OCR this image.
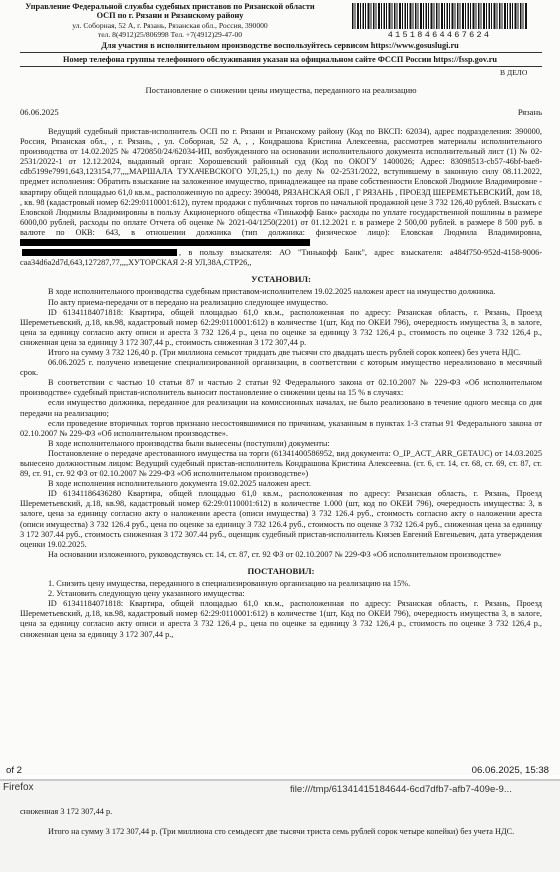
Управление Федеральной службы судебных приставов по Рязанской области
ОСП по г. Рязани и Рязанскому району
ул. Соборная, 52 А, г. Рязань, Рязанская обл., Россия, 390000
тел. 8(4912)25/806998 Тел. +7(4912)29-47-00	41518464467624
Для участия в исполнительном производстве воспользуйтесь сервисом https://www.gosuslugi.ru
Номер телефона группы телефонного обслуживания указан на официальном сайте ФССП России https://fssp.gov.ru
В ДЕЛО
Постановление о снижении цены имущества, переданного на реализацию
06.06.2025	Рязань

Ведущий судебный пристав-исполнитель ОСП по г. Рязани и Рязанскому району (Код по ВКСП: 62034), адрес подразделения: 390000, Россия, Рязанская обл., , г. Рязань, , ул. Соборная, 52 А, , , Кондрашова Кристина Алексеевна, рассмотрев материалы исполнительного производства от 14.02.2025 № 4720850/24/62034-ИП, возбужденного на основании исполнительного документа исполнительный лист (1) № 02-2531/2022-1 от 12.12.2024, выданный орган: Хорошевский районный суд (Код по ОКОГУ 1400026; Адрес: 83098513-cb57-46bf-bae8-cdb5199e7991,643,123154,77,,,,МАРШАЛА ТУХАЧЕВСКОГО УЛ,25,1,) по делу № 02-2531/2022, вступившему в законную силу 08.11.2022, предмет исполнения: Обратить взыскание на заложенное имущество, принадлежащее на праве собственности Еловской Людмиле Владимировне - квартиру общей площадью 61,0 кв.м., расположенную по адресу: 390048, РЯЗАНСКАЯ ОБЛ , Г РЯЗАНЬ , ПРОЕЗД ШЕРЕМЕТЬЕВСКИЙ, дом 18, , кв. 98 (кадастровый номер 62:29:0110001:612), путем продажи с публичных торгов по начальной продажной цене 3 732 126,40 рублей. Взыскать с Еловской Людмилы Владимировны в пользу Акционерного общества «Тинькофф Банк» расходы по уплате государственной пошлины в размере 6000,00 рублей, расходы по оплате Отчета об оценке № 2021-04/1250(2201) от 01.12.2021 г. в размере 2 500,00 рублей. в размере 8 500 руб. в валюте по ОКВ: 643, в отношении должника (тип должника: физическое лицо): Еловская Людмила Владимировна,

, в пользу взыскателя: АО "Тинькофф Банк", адрес взыскателя: a484f750-952d-4158-9006-caa34d6a2d7d,643,127287,77,,,,ХУТОРСКАЯ 2-Я УЛ,38А,СТР26,,

УСТАНОВИЛ:

В ходе исполнительного производства судебным приставом-исполнителем 19.02.2025 наложен арест на имущество должника.

По акту приема-передачи от в передано на реализацию следующее имущество.

ID 61341184071818: Квартира, общей площадью 61,0 кв.м., расположенная по адресу: Рязанская область, г. Рязань, Проезд Шереметьевский, д.18, кв.98, кадастровый номер 62:29:0110001:612) в количестве 1(шт, Код по ОКЕИ 796), очередность имущества 3, в залоге, цена за единицу согласно акту описи и ареста 3 732 126,4 р., цена по оценке за единицу 3 732 126,4 р., стоимость по оценке 3 732 126,4 р., сниженная цена за единицу 3 172 307,44 р., стоимость сниженная 3 172 307,44 р.

Итого на сумму 3 732 126,40 р. (Три миллиона семьсот тридцать две тысячи сто двадцать шесть рублей сорок копеек) без учета НДС.

06.06.2025 г. получено извещение специализированной организации, в соответствии с которым имущество нереализовано в месячный срок.

В соответствии с частью 10 статьи 87 и частью 2 статьи 92 Федерального закона от 02.10.2007 № 229-ФЗ «Об исполнительном производстве» судебный пристав-исполнитель выносит постановление о снижении цены на 15 % в случаях:

если имущество должника, переданное для реализации на комиссионных началах, не было реализовано в течение одного месяца со дня передачи на реализацию;

если проведение вторичных торгов признано несостоявшимися по причинам, указанным в пунктах 1-3 статьи 91 Федерального закона от 02.10.2007 № 229-ФЗ «Об исполнительном производстве».

В ходе исполнительного производства были вынесены (поступили) документы:

Постановление о передаче арестованного имущества на торги (61341400586952, вид документа: O_IP_ACT_ARR_GETAUC) от 14.03.2025 вынесено должностным лицом: Ведущий судебный пристав-исполнитель Кондрашова Кристина Алексеевна. (ст. 6, ст. 14, ст. 68, ст. 69, ст. 87, ст. 89, ст. 91, ст. 92 ФЗ от 02.10.2007 № 229-ФЗ «Об исполнительном производстве»)

В ходе исполнения исполнительного документа 19.02.2025 наложен арест.

ID 61341186436280 Квартира, общей площадью 61,0 кв.м., расположенная по адресу: Рязанская область, г. Рязань, Проезд Шереметьевский, д.18, кв.98, кадастровый номер 62:29:0110001:612) в количестве 1.000 (шт, код по ОКЕИ 796), очередность имущества: 3, в залоге, цена за единицу согласно акту о наложении ареста (описи имущества) 3 732 126.4 руб., стоимость согласно акту о наложении ареста (описи имущества) 3 732 126.4 руб., цена по оценке за единицу 3 732 126.4 руб., стоимость по оценке 3 732 126.4 руб., сниженная цена за единицу 3 172 307.44 руб., стоимость сниженная 3 172 307.44 руб., оценщик судебный пристав-исполнитель Князев Евгений Евгеньевич, дата утверждения оценки 19.02.2025.

На основании изложенного, руководствуясь ст. 14, ст. 87, ст. 92 ФЗ от 02.10.2007 № 229-ФЗ «Об исполнительном производстве»

ПОСТАНОВИЛ:

1. Снизить цену имущества, переданного в специализированную организацию на реализацию на 15%.

2. Установить следующую цену указанного имущества:

ID 61341184071818: Квартира, общей площадью 61,0 кв.м., расположенная по адресу: Рязанская область, г. Рязань, Проезд Шереметьевский, д.18, кв.98, кадастровый номер 62:29:0110001:612) в количестве 1(шт, Код по ОКЕИ 796), очередность имущества 3, в залоге, цена за единицу согласно акту описи и ареста 3 732 126,4 р., цена по оценке за единицу 3 732 126,4 р., стоимость по оценке 3 732 126,4 р., сниженная цена за единицу 3 172 307,44 р.,

of 2	06.06.2025, 15:38
Firefox	file:///tmp/61341415184644-6cd7dfb7-afb7-409e-9...
сниженная 3 172 307,44 р.
Итого на сумму 3 172 307,44 р. (Три миллиона сто семьдесят две тысячи триста семь рублей сорок четыре копейки) без учета НДС.
